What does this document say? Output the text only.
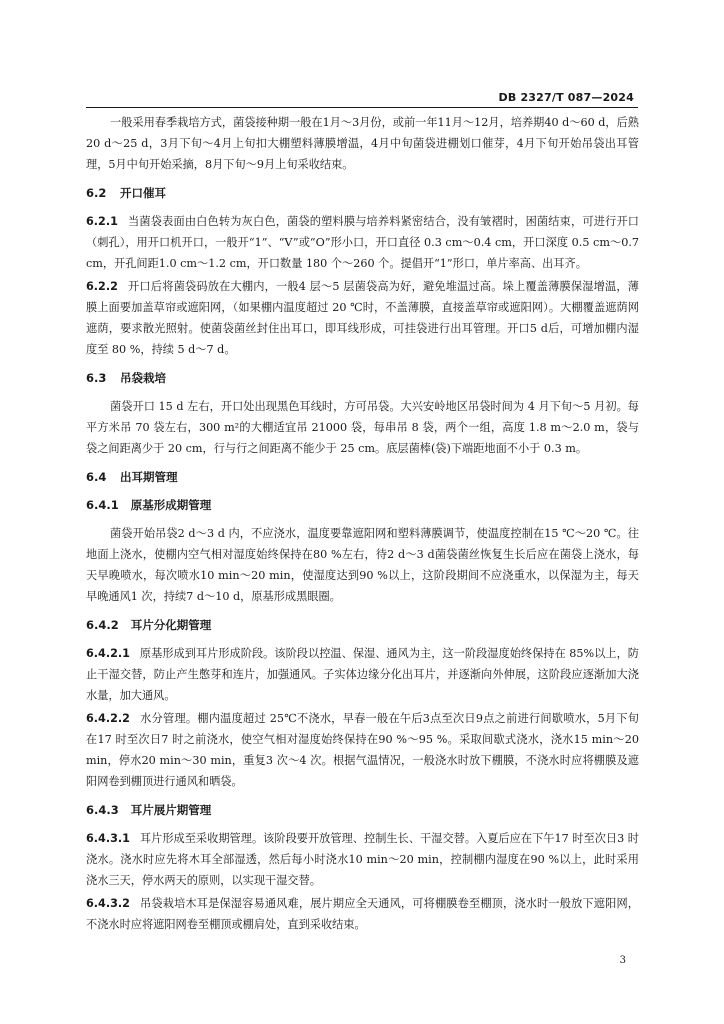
DB 2327/T 087—2024

一般采用春季栽培方式，菌袋接种期一般在1月～3月份，或前一年11月～12月，培养期40 d～60 d，后熟20 d～25 d，3月下旬～4月上旬扣大棚塑料薄膜增温，4月中旬菌袋进棚划口催芽，4月下旬开始吊袋出耳管理，5月中旬开始采摘，8月下旬～9月上旬采收结束。

6.2 开口催耳

6.2.1 当菌袋表面由白色转为灰白色，菌袋的塑料膜与培养料紧密结合，没有皱褶时，困菌结束，可进行开口（刺孔），用开口机开口，一般开“1”、“V”或“O”形小口，开口直径 0.3 cm～0.4 cm，开口深度 0.5 cm～0.7 cm，开孔间距1.0 cm～1.2 cm，开口数量 180 个～260 个。提倡开“1”形口，单片率高、出耳齐。

6.2.2 开口后将菌袋码放在大棚内，一般4 层～5 层菌袋高为好，避免堆温过高。垛上覆盖薄膜保湿增温，薄膜上面要加盖草帘或遮阳网，（如果棚内温度超过 20 ℃时，不盖薄膜，直接盖草帘或遮阳网）。大棚覆盖遮荫网遮荫，要求散光照射。使菌袋菌丝封住出耳口，即耳线形成，可挂袋进行出耳管理。开口5 d后，可增加棚内湿度至 80 %，持续 5 d～7 d。

6.3 吊袋栽培

菌袋开口 15 d 左右，开口处出现黑色耳线时，方可吊袋。大兴安岭地区吊袋时间为 4 月下旬～5 月初。每平方米吊 70 袋左右，300 m²的大棚适宜吊 21000 袋，每串吊 8 袋，两个一组，高度 1.8 m～2.0 m，袋与袋之间距离少于 20 cm，行与行之间距离不能少于 25 cm。底层菌棒(袋)下端距地面不小于 0.3 m。

6.4 出耳期管理
6.4.1 原基形成期管理

菌袋开始吊袋2 d～3 d 内，不应浇水，温度要靠遮阳网和塑料薄膜调节，使温度控制在15 ℃～20 ℃。往地面上浇水，使棚内空气相对湿度始终保持在80 %左右，待2 d～3 d菌袋菌丝恢复生长后应在菌袋上浇水，每天早晚喷水，每次喷水10 min～20 min，使湿度达到90 %以上，这阶段期间不应浇重水，以保湿为主，每天早晚通风1 次，持续7 d～10 d，原基形成黑眼圈。

6.4.2 耳片分化期管理

6.4.2.1 原基形成到耳片形成阶段。该阶段以控温、保湿、通风为主，这一阶段湿度始终保持在 85%以上，防止干湿交替，防止产生憋芽和连片，加强通风。子实体边缘分化出耳片，并逐渐向外伸展，这阶段应逐渐加大浇水量，加大通风。

6.4.2.2 水分管理。棚内温度超过 25℃不浇水，早春一般在午后3点至次日9点之前进行间歇喷水，5月下旬在17 时至次日7 时之前浇水，使空气相对湿度始终保持在90 %～95 %。采取间歇式浇水，浇水15 min～20 min，停水20 min～30 min，重复3 次～4 次。根据气温情况，一般浇水时放下棚膜，不浇水时应将棚膜及遮阳网卷到棚顶进行通风和晒袋。

6.4.3 耳片展片期管理

6.4.3.1 耳片形成至采收期管理。该阶段要开放管理、控制生长、干湿交替。入夏后应在下午17 时至次日3 时浇水。浇水时应先将木耳全部湿透，然后每小时浇水10 min～20 min，控制棚内湿度在90 %以上，此时采用浇水三天，停水两天的原则，以实现干湿交替。

6.4.3.2 吊袋栽培木耳是保湿容易通风难，展片期应全天通风，可将棚膜卷至棚顶，浇水时一般放下遮阳网，不浇水时应将遮阳网卷至棚顶或棚肩处，直到采收结束。

3
